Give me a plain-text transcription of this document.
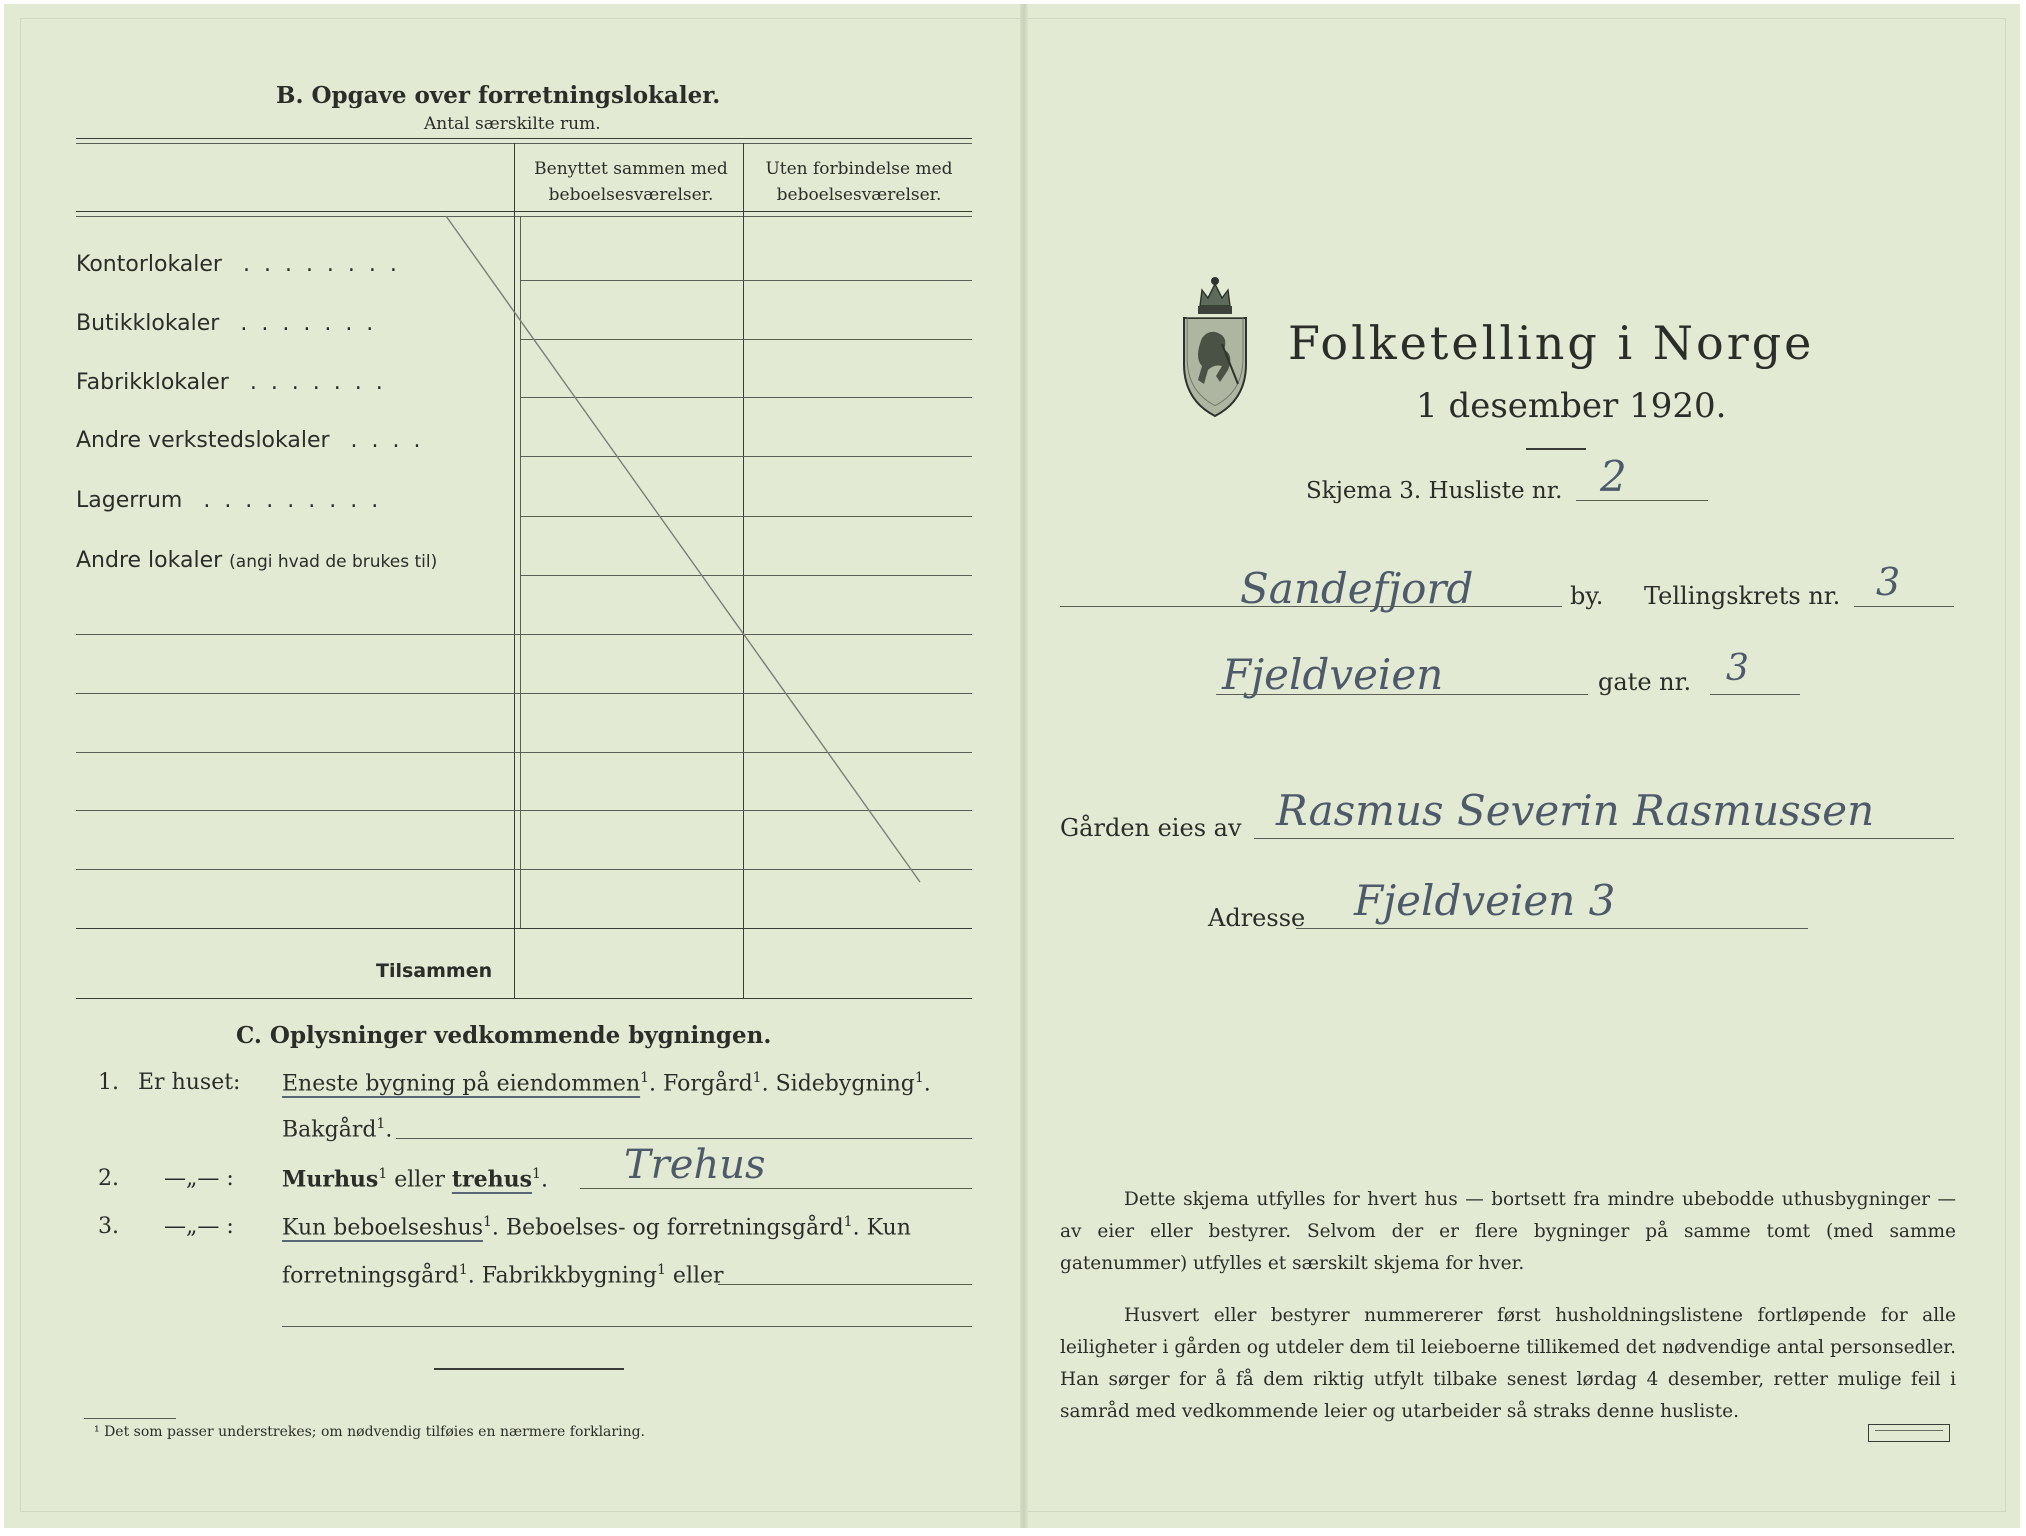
B. Opgave over forretningslokaler.
Antal særskilte rum.
Benyttet sammen med
beboelsesværelser.
Uten forbindelse med
beboelsesværelser.
Kontorlokaler ........
Butikklokaler .......
Fabrikklokaler .......
Andre verkstedslokaler ....
Lagerrum .........
Andre lokaler (angi hvad de brukes til)
Tilsammen
C. Oplysninger vedkommende bygningen.
1. Er huset: Eneste bygning på eiendommen$^1$. Forgård$^1$. Sidebygning$^1$.
Bakgård$^1$.
2. —„— : Murhus$^1$ eller trehus$^1$. Trehus
3. —„— : Kun beboelseshus$^1$. Beboelses- og forretningsgård$^1$. Kun
forretningsgård$^1$. Fabrikkbygning$^1$ eller
¹ Det som passer understrekes; om nødvendig tilføies en nærmere forklaring.
Folketelling i Norge
1 desember 1920.
Skjema 3. Husliste nr. 2
Sandefjord	by. Tellingskrets nr. 3
Fjeldveien	gate nr. 3
Gården eies av Rasmus Severin Rasmussen
Adresse Fjeldveien 3
Dette skjema utfylles for hvert hus — bortsett fra mindre ubebodde uthusbygninger — av eier eller bestyrer. Selvom der er flere bygninger på samme tomt (med samme gatenummer) utfylles et særskilt skjema for hver.
Husvert eller bestyrer nummererer først husholdningslistene fortløpende for alle leiligheter i gården og utdeler dem til leieboerne tillikemed det nødvendige antal personsedler. Han sørger for å få dem riktig utfylt tilbake senest lørdag 4 desember, retter mulige feil i samråd med vedkommende leier og utarbeider så straks denne husliste.
